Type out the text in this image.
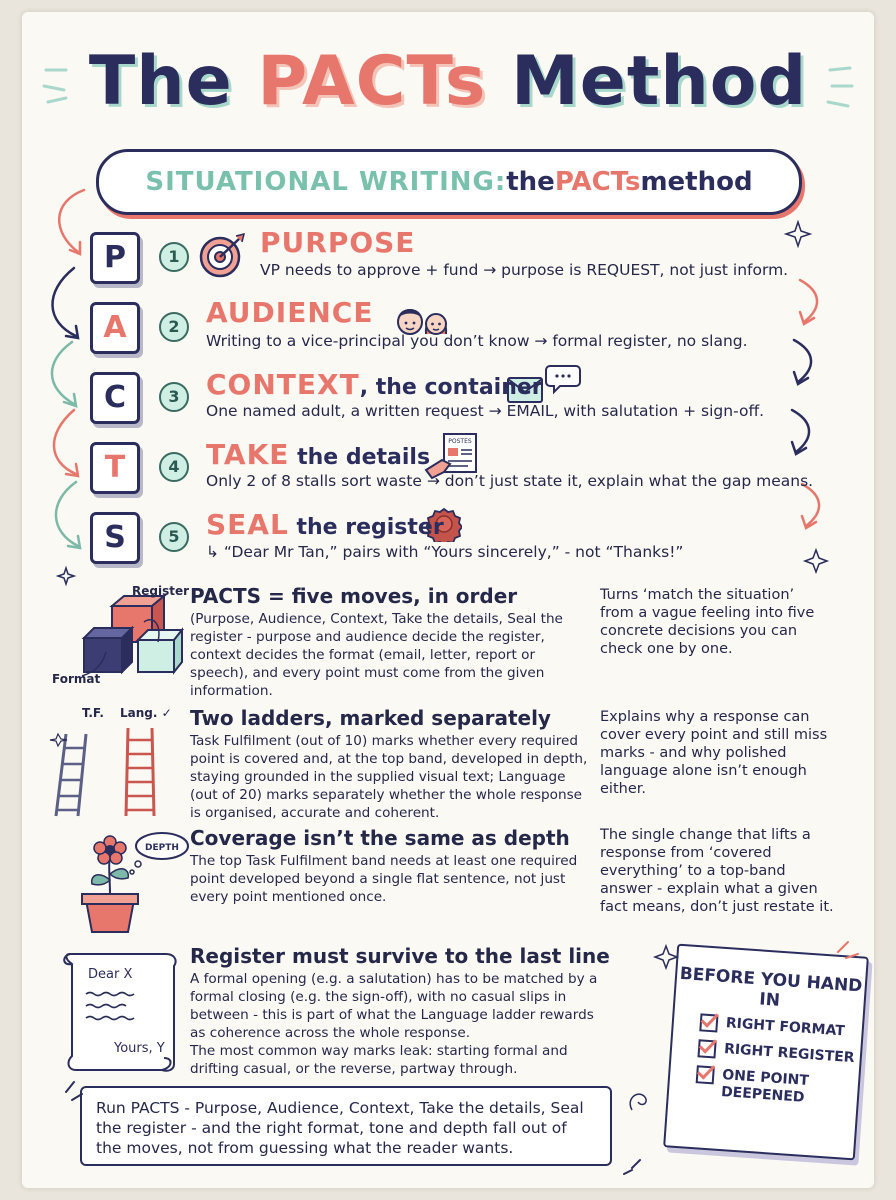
The PACTs Method
SITUATIONAL WRITING: the PACTs method
P
A
C
T
S
1
2
3
4
5
POSTES
PURPOSE
VP needs to approve + fund → purpose is REQUEST, not just inform.
AUDIENCE
Writing to a vice-principal you don’t know → formal register, no slang.
CONTEXT, the container
One named adult, a written request → EMAIL, with salutation + sign-off.
TAKE the details
Only 2 of 8 stalls sort waste → don’t just state it, explain what the gap means.
SEAL the register
↳ “Dear Mr Tan,” pairs with “Yours sincerely,” - not “Thanks!”
Register
Format
PACTS = five moves, in order
(Purpose, Audience, Context, Take the details, Seal the register - purpose and audience decide the register, context decides the format (email, letter, report or speech), and every point must come from the given information.
Turns ‘match the situation’ from a vague feeling into five concrete decisions you can check one by one.
T.F. Lang. ✓ Two ladders, marked separately
Task Fulfilment (out of 10) marks whether every required point is covered and, at the top band, developed in depth, staying grounded in the supplied visual text; Language (out of 20) marks separately whether the whole response is organised, accurate and coherent.
Explains why a response can cover every point and still miss marks - and why polished language alone isn’t enough either.
DEPTH Coverage isn’t the same as depth
The top Task Fulfilment band needs at least one required point developed beyond a single flat sentence, not just every point mentioned once.
The single change that lifts a response from ‘covered everything’ to a top-band answer - explain what a given fact means, don’t just restate it.
Dear X
Yours, Y
Register must survive to the last line
A formal opening (e.g. a salutation) has to be matched by a formal closing (e.g. the sign-off), with no casual slips in between - this is part of what the Language ladder rewards as coherence across the whole response.
The most common way marks leak: starting formal and drifting casual, or the reverse, partway through.
BEFORE YOU HAND IN
RIGHT FORMAT
RIGHT REGISTER
ONE POINT DEEPENED
Run PACTS - Purpose, Audience, Context, Take the details, Seal the register - and the right format, tone and depth fall out of the moves, not from guessing what the reader wants.
